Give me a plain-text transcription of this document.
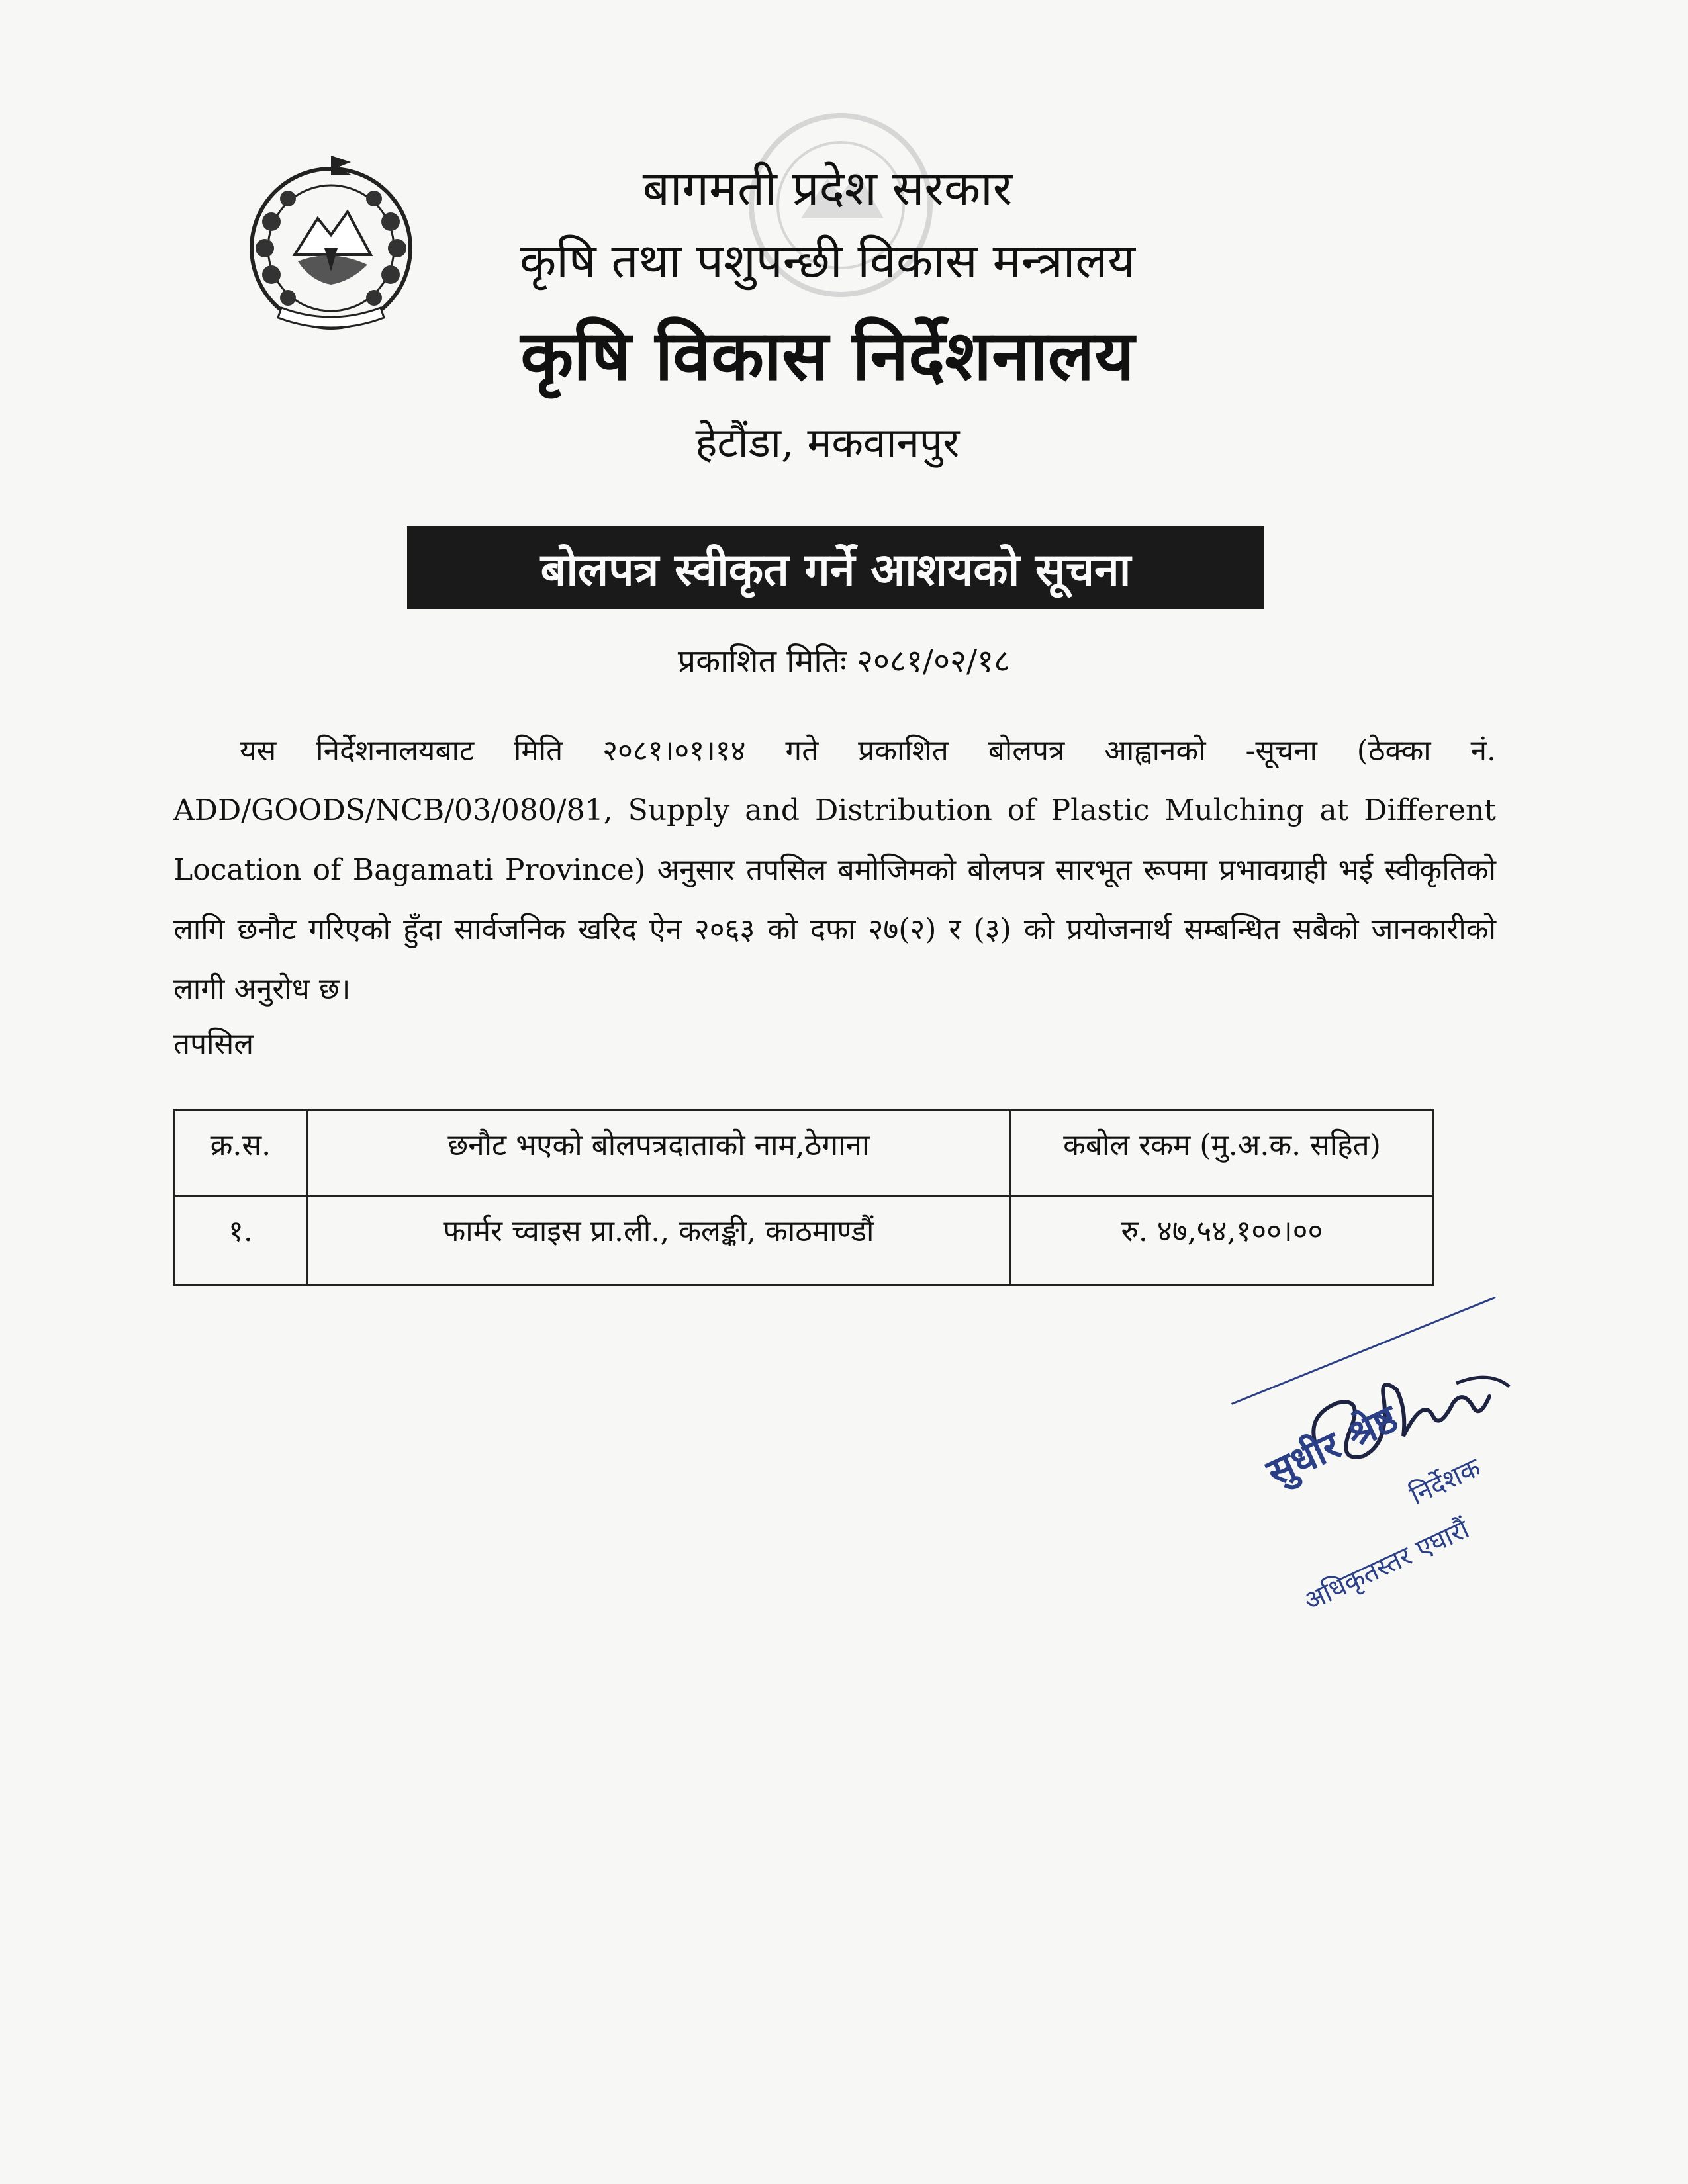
बागमती प्रदेश सरकार
कृषि तथा पशुपन्छी विकास मन्त्रालय
कृषि विकास निर्देशनालय
हेटौंडा, मकवानपुर
बोलपत्र स्वीकृत गर्ने आशयको सूचना
प्रकाशित मितिः २०८१/०२/१८
यस निर्देशनालयबाट मिति २०८१।०१।१४ गते प्रकाशित बोलपत्र आह्वानको -सूचना (ठेक्का नं. ADD/GOODS/NCB/03/080/81, Supply and Distribution of Plastic Mulching at Different Location of Bagamati Province) अनुसार तपसिल बमोजिमको बोलपत्र सारभूत रूपमा प्रभावग्राही भई स्वीकृतिको लागि छनौट गरिएको हुँदा सार्वजनिक खरिद ऐन २०६३ को दफा २७(२) र (३) को प्रयोजनार्थ सम्बन्धित सबैको जानकारीको लागी अनुरोध छ।
तपसिल
क्र.स.	छनौट भएको बोलपत्रदाताको नाम,ठेगाना	कबोल रकम (मु.अ.क. सहित)
१.	फार्मर च्वाइस प्रा.ली., कलङ्की, काठमाण्डौं	रु. ४७,५४,१००।००
सुधीर श्रेष्ठ निर्देशक
अधिकृतस्तर एघारौं
